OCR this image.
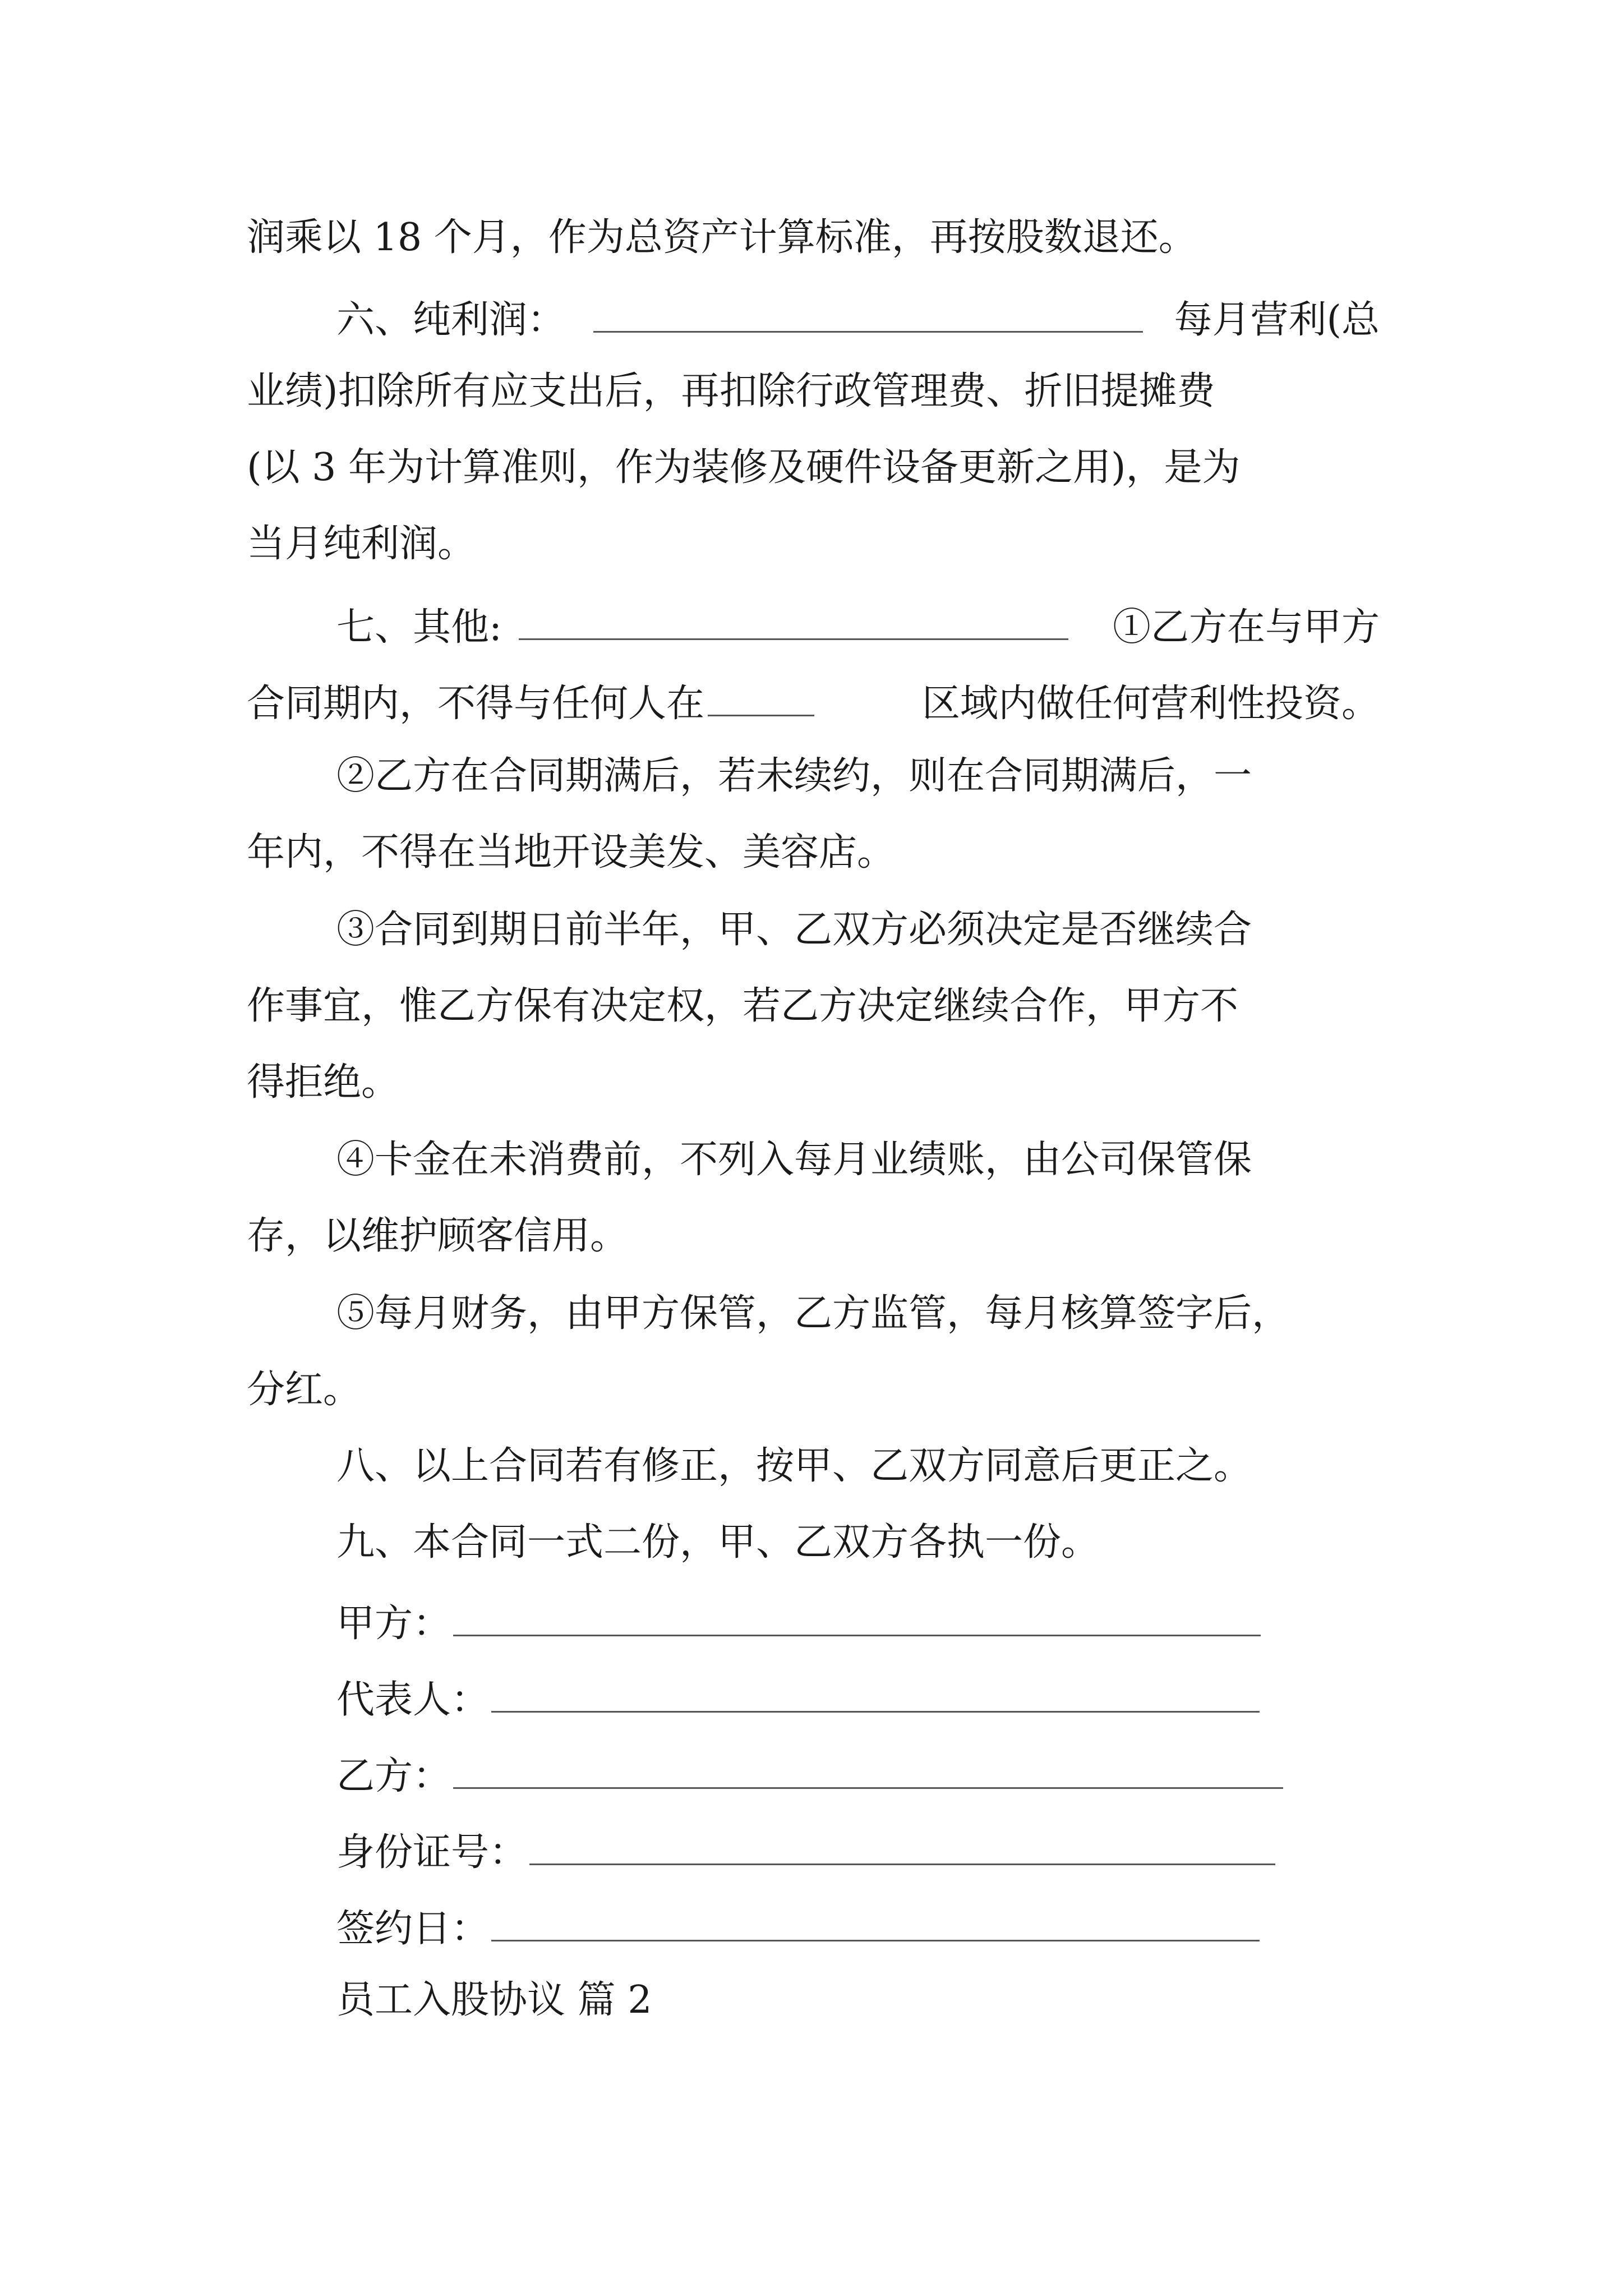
润乘以 18 个月，作为总资产计算标准，再按股数退还。
六、纯利润：	每月营利(总
业绩)扣除所有应支出后，再扣除行政管理费、折旧提摊费
(以 3 年为计算准则，作为装修及硬件设备更新之用)，是为
当月纯利润。
七、其他:	①乙方在与甲方
合同期内，不得与任何人在	区域内做任何营利性投资。
②乙方在合同期满后，若未续约，则在合同期满后，一
年内，不得在当地开设美发、美容店。
③合同到期日前半年，甲、乙双方必须决定是否继续合
作事宜，惟乙方保有决定权，若乙方决定继续合作，甲方不
得拒绝。
④卡金在未消费前，不列入每月业绩账，由公司保管保
存，以维护顾客信用。
⑤每月财务，由甲方保管，乙方监管，每月核算签字后，
分红。
八、以上合同若有修正，按甲、乙双方同意后更正之。
九、本合同一式二份，甲、乙双方各执一份。
甲方：
代表人：
乙方：
身份证号：
签约日：
员工入股协议 篇 2
